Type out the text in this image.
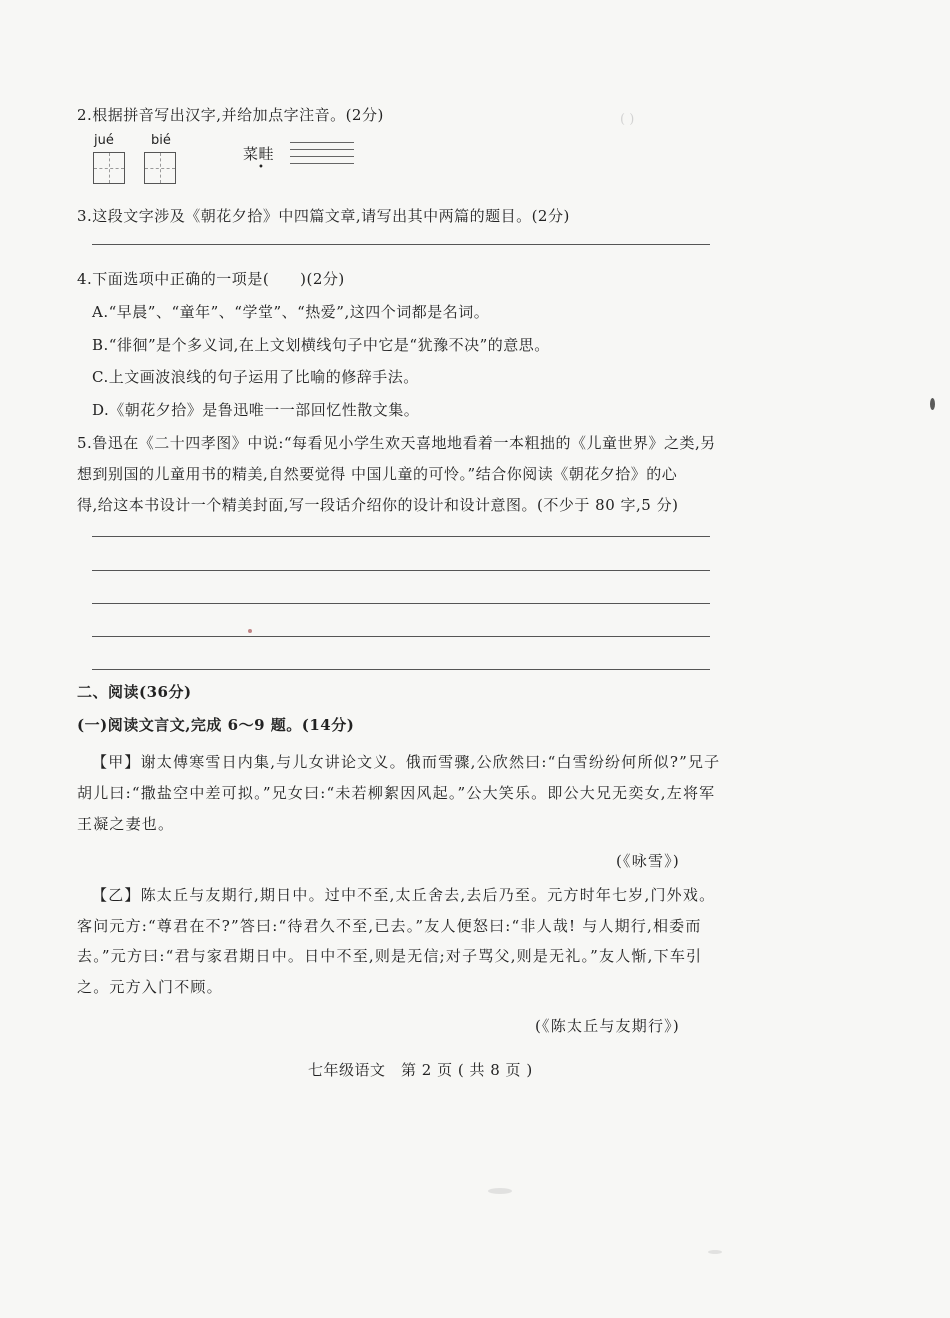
( )　　

2.根据拼音写出汉字,并给加点字注音。(2分)
jué	bié
菜畦
•
3.这段文字涉及《朝花夕拾》中四篇文章,请写出其中两篇的题目。(2分)
4.下面选项中正确的一项是(　　)(2分)
A.“早晨”、“童年”、“学堂”、“热爱”,这四个词都是名词。
B.“徘徊”是个多义词,在上文划横线句子中它是“犹豫不决”的意思。
C.上文画波浪线的句子运用了比喻的修辞手法。
D.《朝花夕拾》是鲁迅唯一一部回忆性散文集。
5.鲁迅在《二十四孝图》中说:“每看见小学生欢天喜地地看着一本粗拙的《儿童世界》之类,另
想到别国的儿童用书的精美,自然要觉得 中国儿童的可怜。”结合你阅读《朝花夕拾》的心
得,给这本书设计一个精美封面,写一段话介绍你的设计和设计意图。(不少于 80 字,5 分)
二、阅读(36分)
(一)阅读文言文,完成 6～9 题。(14分)
【甲】谢太傅寒雪日内集,与儿女讲论文义。俄而雪骤,公欣然曰:“白雪纷纷何所似?”兄子
胡儿曰:“撒盐空中差可拟。”兄女曰:“未若柳絮因风起。”公大笑乐。即公大兄无奕女,左将军
王凝之妻也。
(《咏雪》)
【乙】陈太丘与友期行,期日中。过中不至,太丘舍去,去后乃至。元方时年七岁,门外戏。
客问元方:“尊君在不?”答曰:“待君久不至,已去。”友人便怒曰:“非人哉! 与人期行,相委而
去。”元方曰:“君与家君期日中。日中不至,则是无信;对子骂父,则是无礼。”友人惭,下车引
之。元方入门不顾。
(《陈太丘与友期行》)
七年级语文　第 2 页 ( 共 8 页 )
